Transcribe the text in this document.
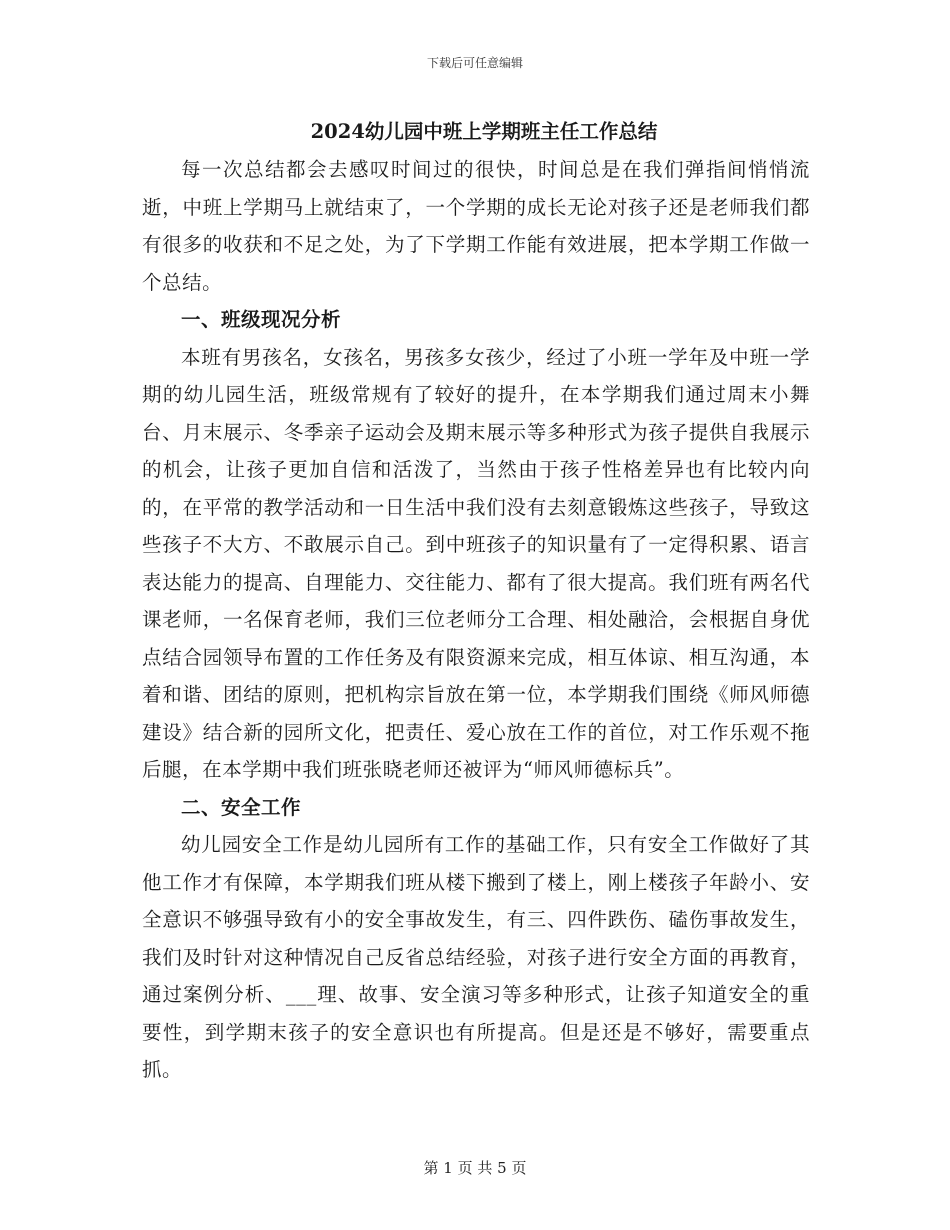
下载后可任意编辑
2024幼儿园中班上学期班主任工作总结

每一次总结都会去感叹时间过的很快，时间总是在我们弹指间悄悄流逝，中班上学期马上就结束了，一个学期的成长无论对孩子还是老师我们都有很多的收获和不足之处，为了下学期工作能有效进展，把本学期工作做一个总结。

一、班级现况分析

本班有男孩名，女孩名，男孩多女孩少，经过了小班一学年及中班一学期的幼儿园生活，班级常规有了较好的提升，在本学期我们通过周末小舞台、月末展示、冬季亲子运动会及期末展示等多种形式为孩子提供自我展示的机会，让孩子更加自信和活泼了，当然由于孩子性格差异也有比较内向的，在平常的教学活动和一日生活中我们没有去刻意锻炼这些孩子，导致这些孩子不大方、不敢展示自己。到中班孩子的知识量有了一定得积累、语言表达能力的提高、自理能力、交往能力、都有了很大提高。我们班有两名代课老师，一名保育老师，我们三位老师分工合理、相处融洽，会根据自身优点结合园领导布置的工作任务及有限资源来完成，相互体谅、相互沟通，本着和谐、团结的原则，把机构宗旨放在第一位，本学期我们围绕《师风师德建设》结合新的园所文化，把责任、爱心放在工作的首位，对工作乐观不拖后腿，在本学期中我们班张晓老师还被评为“师风师德标兵”。

二、安全工作

幼儿园安全工作是幼儿园所有工作的基础工作，只有安全工作做好了其他工作才有保障，本学期我们班从楼下搬到了楼上，刚上楼孩子年龄小、安全意识不够强导致有小的安全事故发生，有三、四件跌伤、磕伤事故发生，我们及时针对这种情况自己反省总结经验，对孩子进行安全方面的再教育，通过案例分析、___理、故事、安全演习等多种形式，让孩子知道安全的重要性，到学期末孩子的安全意识也有所提高。但是还是不够好，需要重点抓。

第 1 页 共 5 页
